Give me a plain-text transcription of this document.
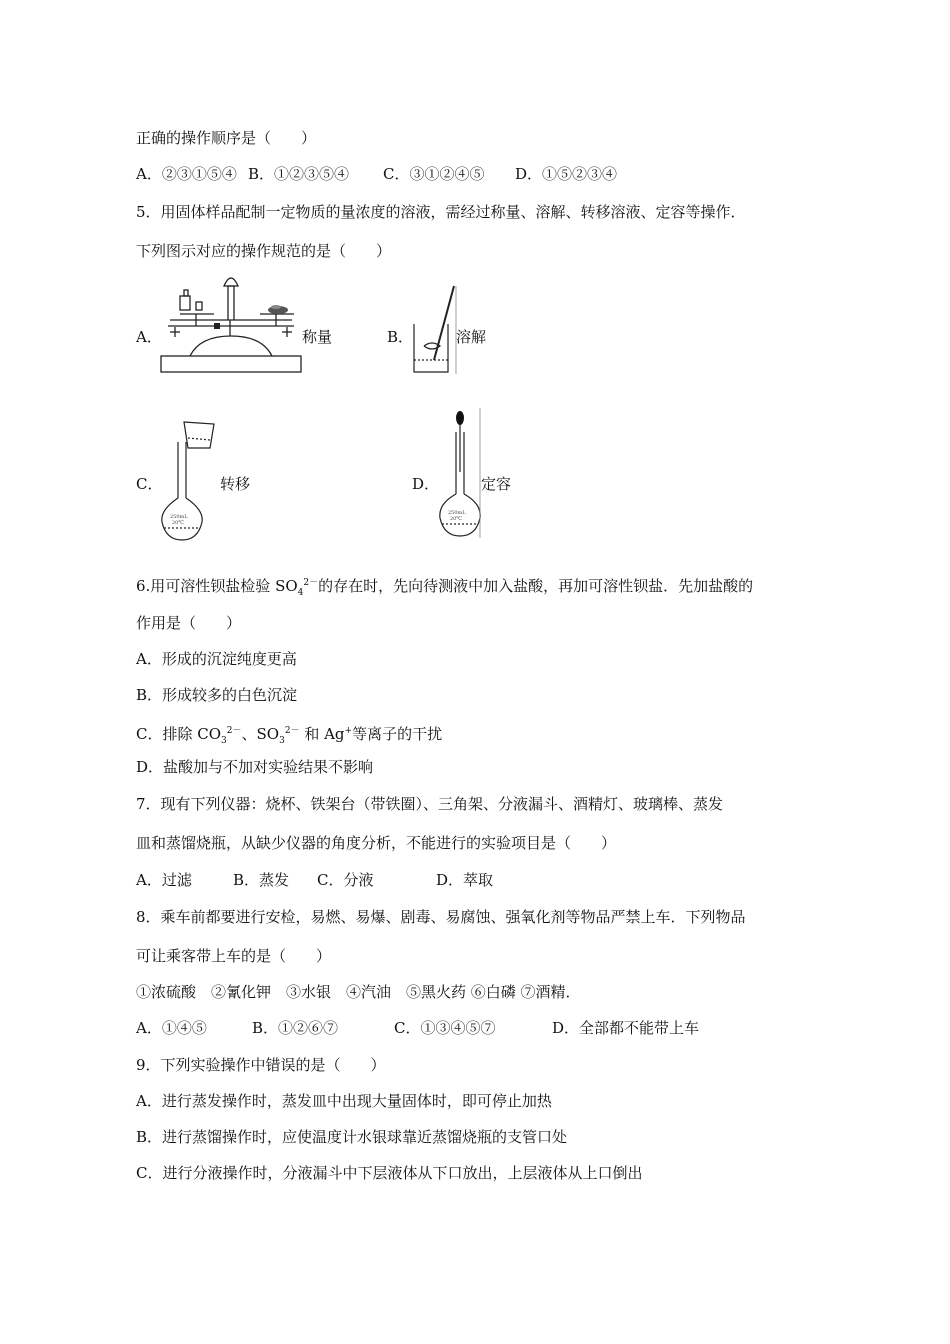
正确的操作顺序是（　　）
A．②③①⑤④ B．①②③⑤④ C．③①②④⑤ D．①⑤②③④
5．用固体样品配制一定物质的量浓度的溶液，需经过称量、溶解、转移溶液、定容等操作．
下列图示对应的操作规范的是（　　）
A．	称量	B．	溶解
C．
250mL
20℃
转移	D．
250mL
20℃
定容
6.用可溶性钡盐检验 $SO_4^{2-}$的存在时，先向待测液中加入盐酸，再加可溶性钡盐．先加盐酸的
作用是（　　）
A．形成的沉淀纯度更高
B．形成较多的白色沉淀
C．排除 $CO_3^{2-}$、$SO_3^{2-}$ 和 Ag+等离子的干扰
D．盐酸加与不加对实验结果不影响
7．现有下列仪器：烧杯、铁架台（带铁圈）、三角架、分液漏斗、酒精灯、玻璃棒、蒸发
皿和蒸馏烧瓶，从缺少仪器的角度分析，不能进行的实验项目是（　　）
A．过滤	B．蒸发 C．分液	D．萃取
8．乘车前都要进行安检，易燃、易爆、剧毒、易腐蚀、强氧化剂等物品严禁上车．下列物品
可让乘客带上车的是（　　）
①浓硫酸　②氰化钾　③水银　④汽油　⑤黑火药 ⑥白磷 ⑦酒精．
A．①④⑤	B．①②⑥⑦	C．①③④⑤⑦	D．全部都不能带上车
9．下列实验操作中错误的是（　　）
A．进行蒸发操作时，蒸发皿中出现大量固体时，即可停止加热
B．进行蒸馏操作时，应使温度计水银球靠近蒸馏烧瓶的支管口处
C．进行分液操作时，分液漏斗中下层液体从下口放出，上层液体从上口倒出
